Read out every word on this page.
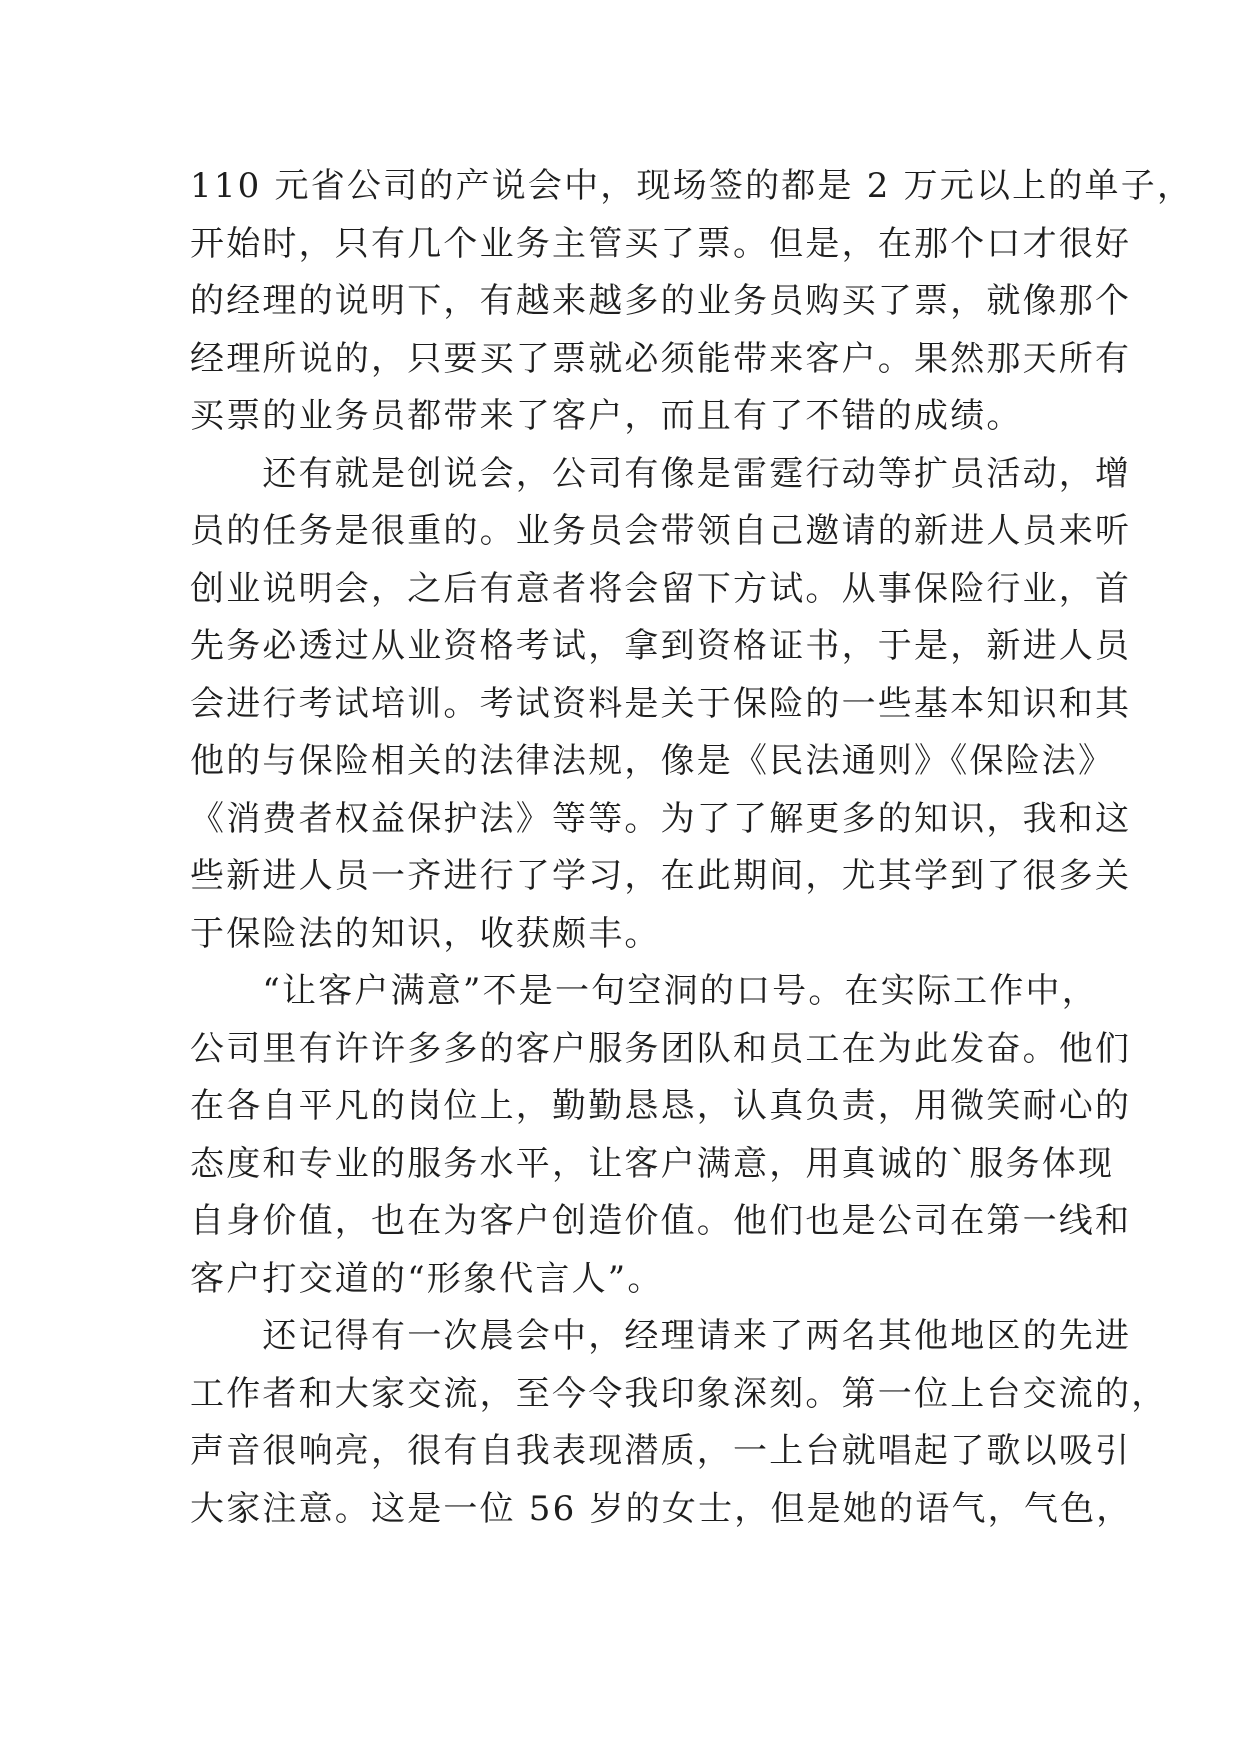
110 元省公司的产说会中，现场签的都是 2 万元以上的单子，
开始时，只有几个业务主管买了票。但是，在那个口才很好
的经理的说明下，有越来越多的业务员购买了票，就像那个
经理所说的，只要买了票就必须能带来客户。果然那天所有
买票的业务员都带来了客户，而且有了不错的成绩。
　　还有就是创说会，公司有像是雷霆行动等扩员活动，增
员的任务是很重的。业务员会带领自己邀请的新进人员来听
创业说明会，之后有意者将会留下方试。从事保险行业，首
先务必透过从业资格考试，拿到资格证书，于是，新进人员
会进行考试培训。考试资料是关于保险的一些基本知识和其
他的与保险相关的法律法规，像是《民法通则》《保险法》
《消费者权益保护法》等等。为了了解更多的知识，我和这
些新进人员一齐进行了学习，在此期间，尤其学到了很多关
于保险法的知识，收获颇丰。
　　“让客户满意”不是一句空洞的口号。在实际工作中，
公司里有许许多多的客户服务团队和员工在为此发奋。他们
在各自平凡的岗位上，勤勤恳恳，认真负责，用微笑耐心的
态度和专业的服务水平，让客户满意，用真诚的`服务体现
自身价值，也在为客户创造价值。他们也是公司在第一线和
客户打交道的“形象代言人”。
　　还记得有一次晨会中，经理请来了两名其他地区的先进
工作者和大家交流，至今令我印象深刻。第一位上台交流的，
声音很响亮，很有自我表现潜质，一上台就唱起了歌以吸引
大家注意。这是一位 56 岁的女士，但是她的语气，气色，
